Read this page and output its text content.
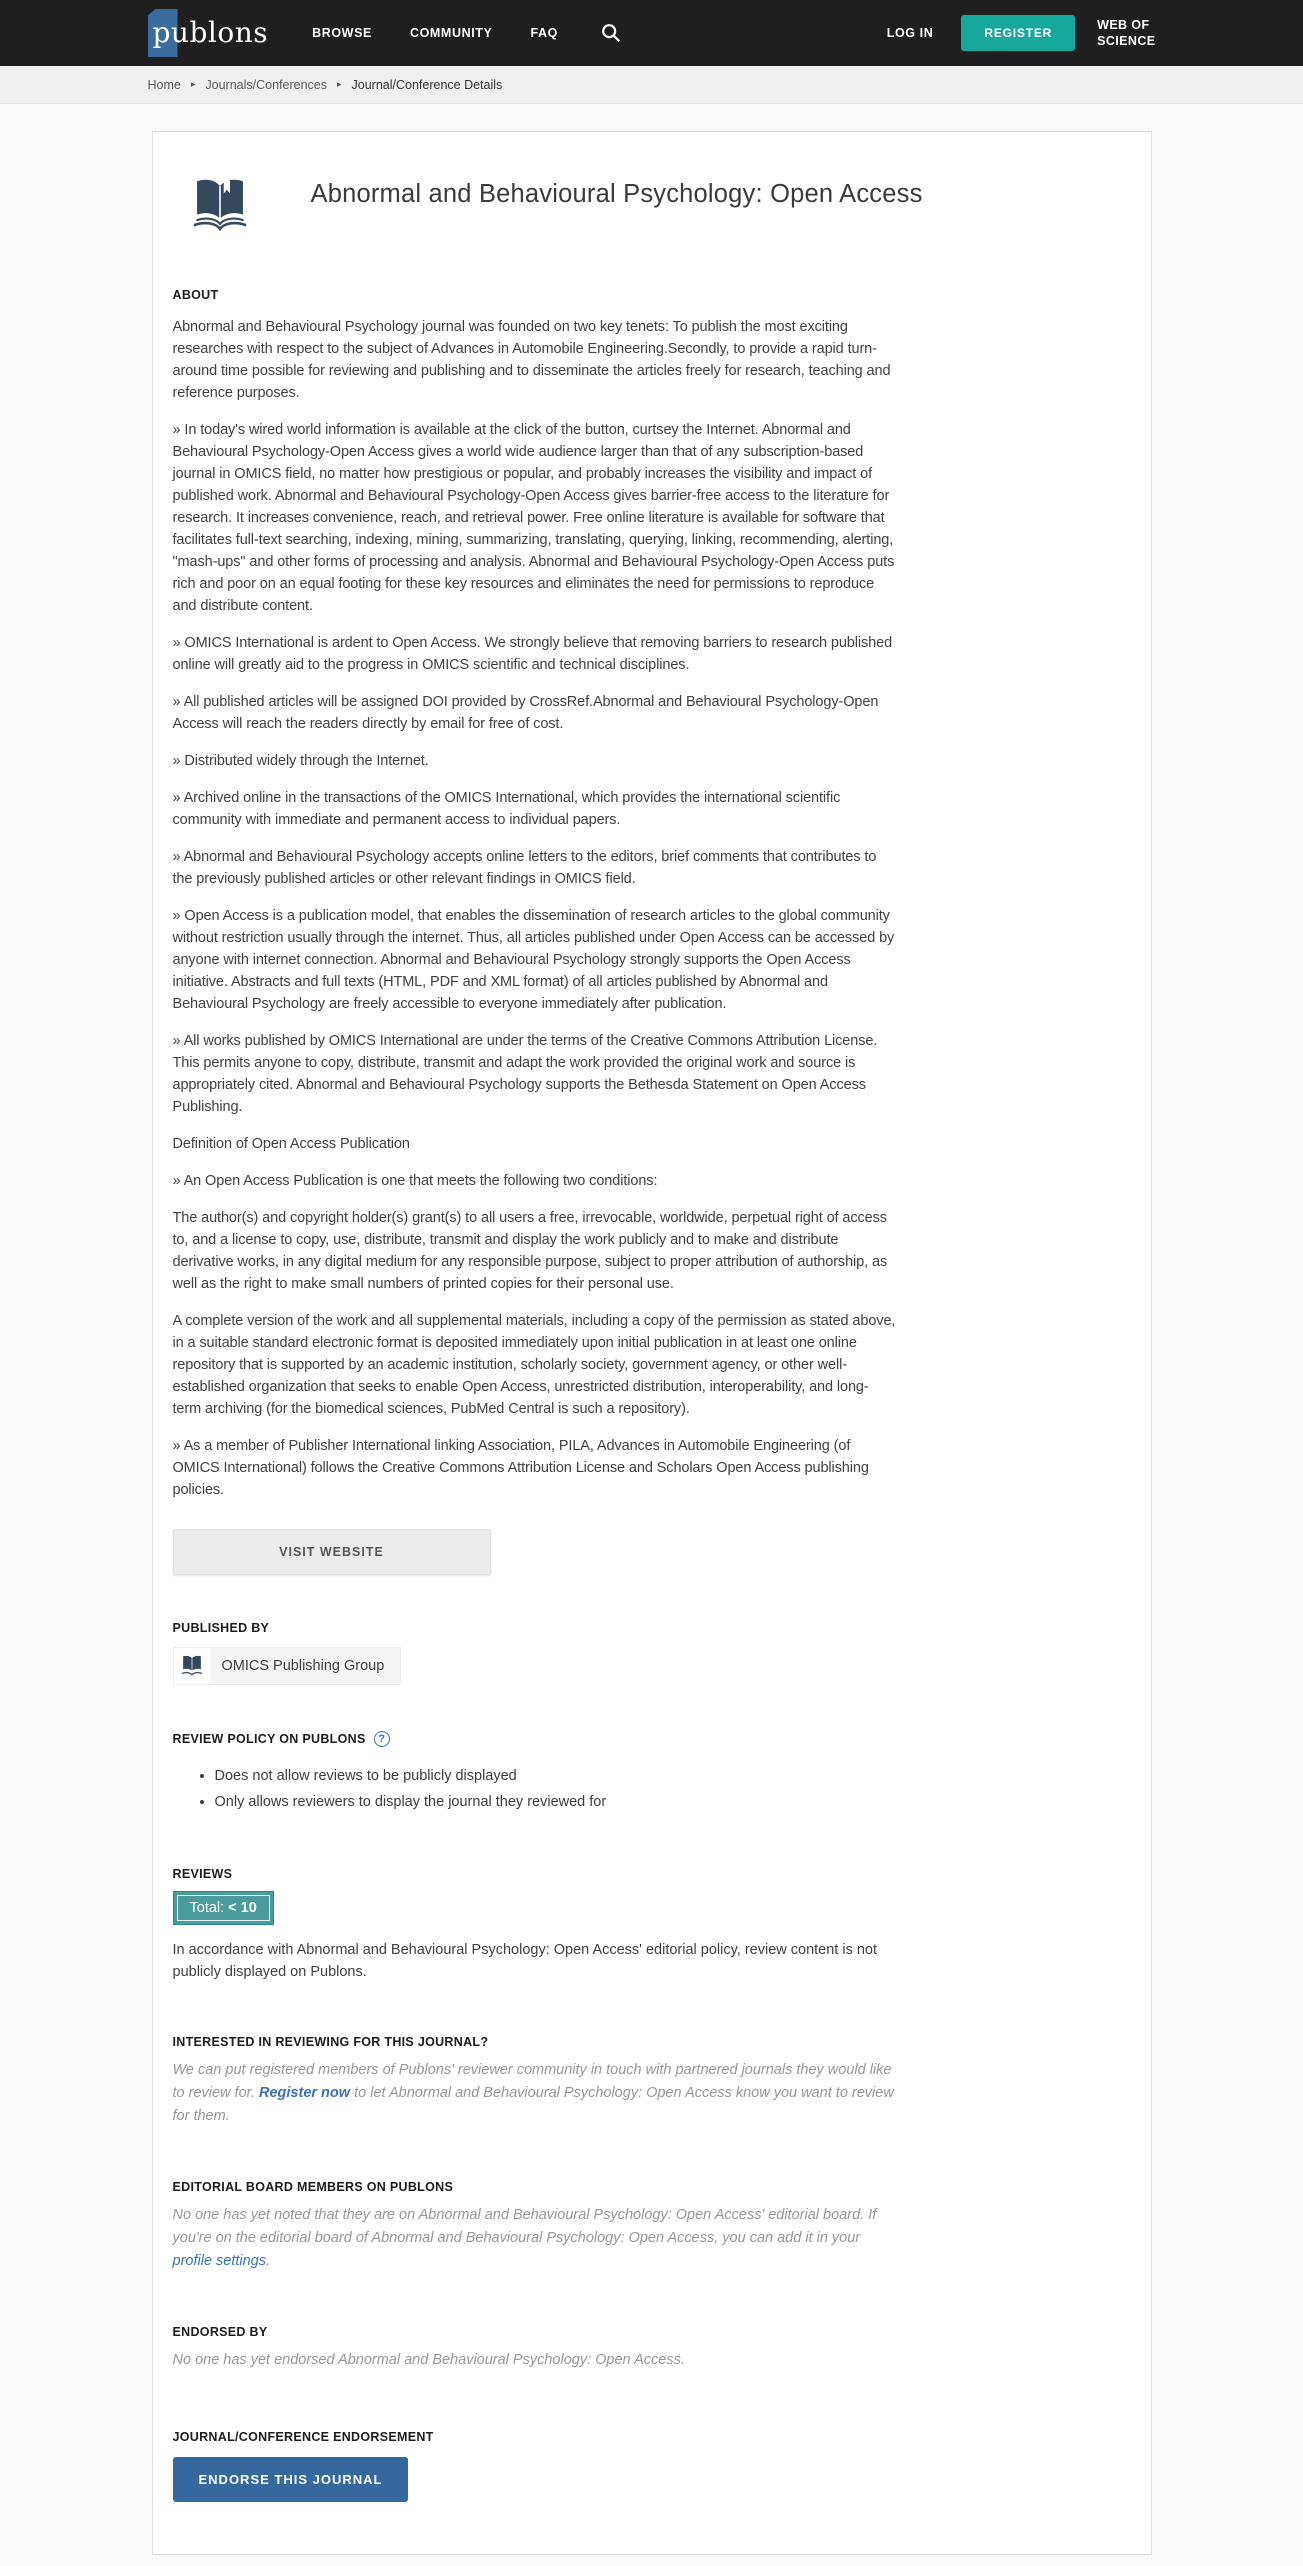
publons	BROWSE	COMMUNITY	FAQ	LOG IN	REGISTER
WEB OF
SCIENCE
Home ▸ Journals/Conferences ▸ Journal/Conference Details
Abnormal and Behavioural Psychology: Open Access
ABOUT

Abnormal and Behavioural Psychology journal was founded on two key tenets: To publish the most exciting researches with respect to the subject of Advances in Automobile Engineering.Secondly, to provide a rapid turn-around time possible for reviewing and publishing and to disseminate the articles freely for research, teaching and reference purposes.

» In today's wired world information is available at the click of the button, curtsey the Internet. Abnormal and Behavioural Psychology-Open Access gives a world wide audience larger than that of any subscription-based journal in OMICS field, no matter how prestigious or popular, and probably increases the visibility and impact of published work. Abnormal and Behavioural Psychology-Open Access gives barrier-free access to the literature for research. It increases convenience, reach, and retrieval power. Free online literature is available for software that facilitates full-text searching, indexing, mining, summarizing, translating, querying, linking, recommending, alerting, "mash-ups" and other forms of processing and analysis. Abnormal and Behavioural Psychology-Open Access puts rich and poor on an equal footing for these key resources and eliminates the need for permissions to reproduce and distribute content.

» OMICS International is ardent to Open Access. We strongly believe that removing barriers to research published online will greatly aid to the progress in OMICS scientific and technical disciplines.

» All published articles will be assigned DOI provided by CrossRef.Abnormal and Behavioural Psychology-Open Access will reach the readers directly by email for free of cost.

» Distributed widely through the Internet.

» Archived online in the transactions of the OMICS International, which provides the international scientific community with immediate and permanent access to individual papers.

» Abnormal and Behavioural Psychology accepts online letters to the editors, brief comments that contributes to the previously published articles or other relevant findings in OMICS field.

» Open Access is a publication model, that enables the dissemination of research articles to the global community without restriction usually through the internet. Thus, all articles published under Open Access can be accessed by anyone with internet connection. Abnormal and Behavioural Psychology strongly supports the Open Access initiative. Abstracts and full texts (HTML, PDF and XML format) of all articles published by Abnormal and Behavioural Psychology are freely accessible to everyone immediately after publication.

» All works published by OMICS International are under the terms of the Creative Commons Attribution License. This permits anyone to copy, distribute, transmit and adapt the work provided the original work and source is appropriately cited. Abnormal and Behavioural Psychology supports the Bethesda Statement on Open Access Publishing.

Definition of Open Access Publication

» An Open Access Publication is one that meets the following two conditions:

The author(s) and copyright holder(s) grant(s) to all users a free, irrevocable, worldwide, perpetual right of access to, and a license to copy, use, distribute, transmit and display the work publicly and to make and distribute derivative works, in any digital medium for any responsible purpose, subject to proper attribution of authorship, as well as the right to make small numbers of printed copies for their personal use.

A complete version of the work and all supplemental materials, including a copy of the permission as stated above, in a suitable standard electronic format is deposited immediately upon initial publication in at least one online repository that is supported by an academic institution, scholarly society, government agency, or other well-established organization that seeks to enable Open Access, unrestricted distribution, interoperability, and long-term archiving (for the biomedical sciences, PubMed Central is such a repository).

» As a member of Publisher International linking Association, PILA, Advances in Automobile Engineering (of OMICS International) follows the Creative Commons Attribution License and Scholars Open Access publishing policies.

VISIT WEBSITE
PUBLISHED BY
OMICS Publishing Group
REVIEW POLICY ON PUBLONS	?
• Does not allow reviews to be publicly displayed
• Only allows reviewers to display the journal they reviewed for
REVIEWS
Total: < 10

In accordance with Abnormal and Behavioural Psychology: Open Access' editorial policy, review content is not publicly displayed on Publons.

INTERESTED IN REVIEWING FOR THIS JOURNAL?

We can put registered members of Publons' reviewer community in touch with partnered journals they would like to review for. Register now to let Abnormal and Behavioural Psychology: Open Access know you want to review for them.

EDITORIAL BOARD MEMBERS ON PUBLONS

No one has yet noted that they are on Abnormal and Behavioural Psychology: Open Access' editorial board. If you're on the editorial board of Abnormal and Behavioural Psychology: Open Access, you can add it in your profile settings.

ENDORSED BY

No one has yet endorsed Abnormal and Behavioural Psychology: Open Access.

JOURNAL/CONFERENCE ENDORSEMENT
ENDORSE THIS JOURNAL
